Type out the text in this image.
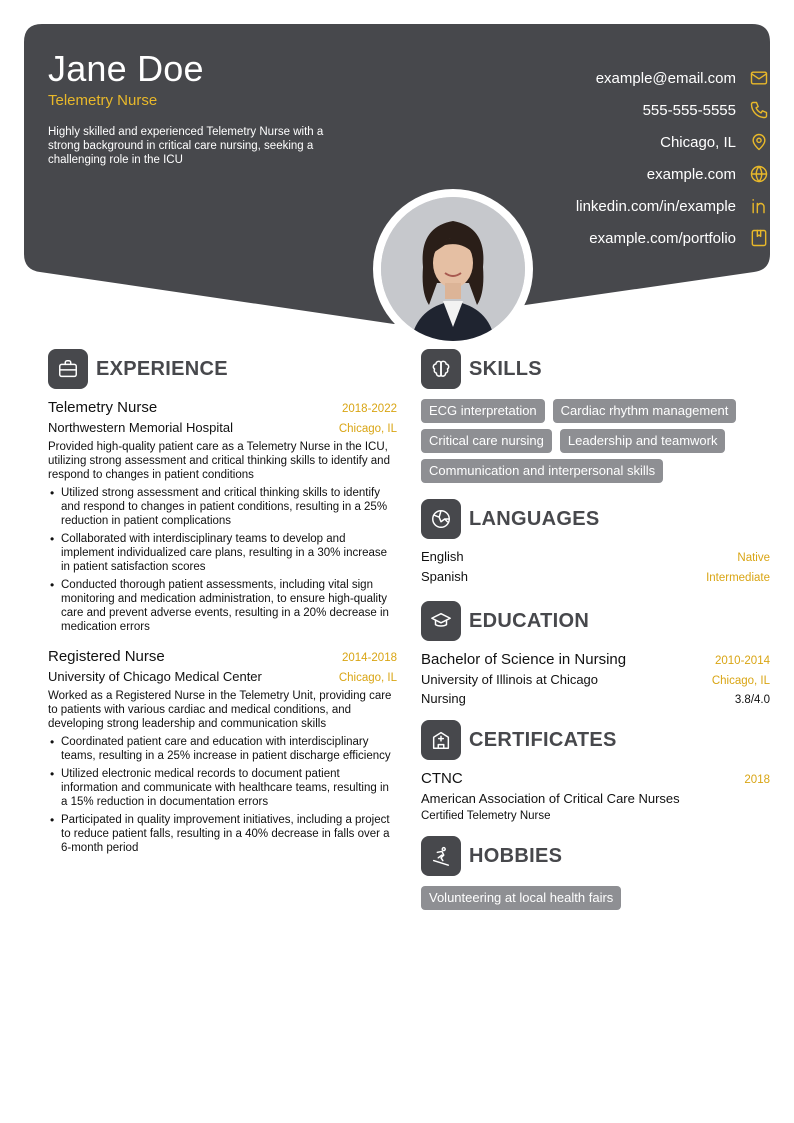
Jane Doe
Telemetry Nurse
Highly skilled and experienced Telemetry Nurse with a strong background in critical care nursing, seeking a challenging role in the ICU
example@email.com
555-555-5555
Chicago, IL
example.com
linkedin.com/in/example
example.com/portfolio
EXPERIENCE
Telemetry Nurse	2018-2022
Northwestern Memorial Hospital	Chicago, IL
Provided high-quality patient care as a Telemetry Nurse in the ICU, utilizing strong assessment and critical thinking skills to identify and respond to changes in patient conditions
• Utilized strong assessment and critical thinking skills to identify and respond to changes in patient conditions, resulting in a 25% reduction in patient complications
• Collaborated with interdisciplinary teams to develop and implement individualized care plans, resulting in a 30% increase in patient satisfaction scores
• Conducted thorough patient assessments, including vital sign monitoring and medication administration, to ensure high-quality care and prevent adverse events, resulting in a 20% decrease in medication errors
Registered Nurse	2014-2018
University of Chicago Medical Center	Chicago, IL
Worked as a Registered Nurse in the Telemetry Unit, providing care to patients with various cardiac and medical conditions, and developing strong leadership and communication skills
• Coordinated patient care and education with interdisciplinary teams, resulting in a 25% increase in patient discharge efficiency
• Utilized electronic medical records to document patient information and communicate with healthcare teams, resulting in a 15% reduction in documentation errors
• Participated in quality improvement initiatives, including a project to reduce patient falls, resulting in a 40% decrease in falls over a 6-month period
SKILLS
ECG interpretation	Cardiac rhythm management
Critical care nursing	Leadership and teamwork
Communication and interpersonal skills
LANGUAGES
English	Native
Spanish	Intermediate
EDUCATION
Bachelor of Science in Nursing	2010-2014
University of Illinois at Chicago	Chicago, IL
Nursing	3.8/4.0
CERTIFICATES
CTNC	2018
American Association of Critical Care Nurses
Certified Telemetry Nurse
HOBBIES
Volunteering at local health fairs
